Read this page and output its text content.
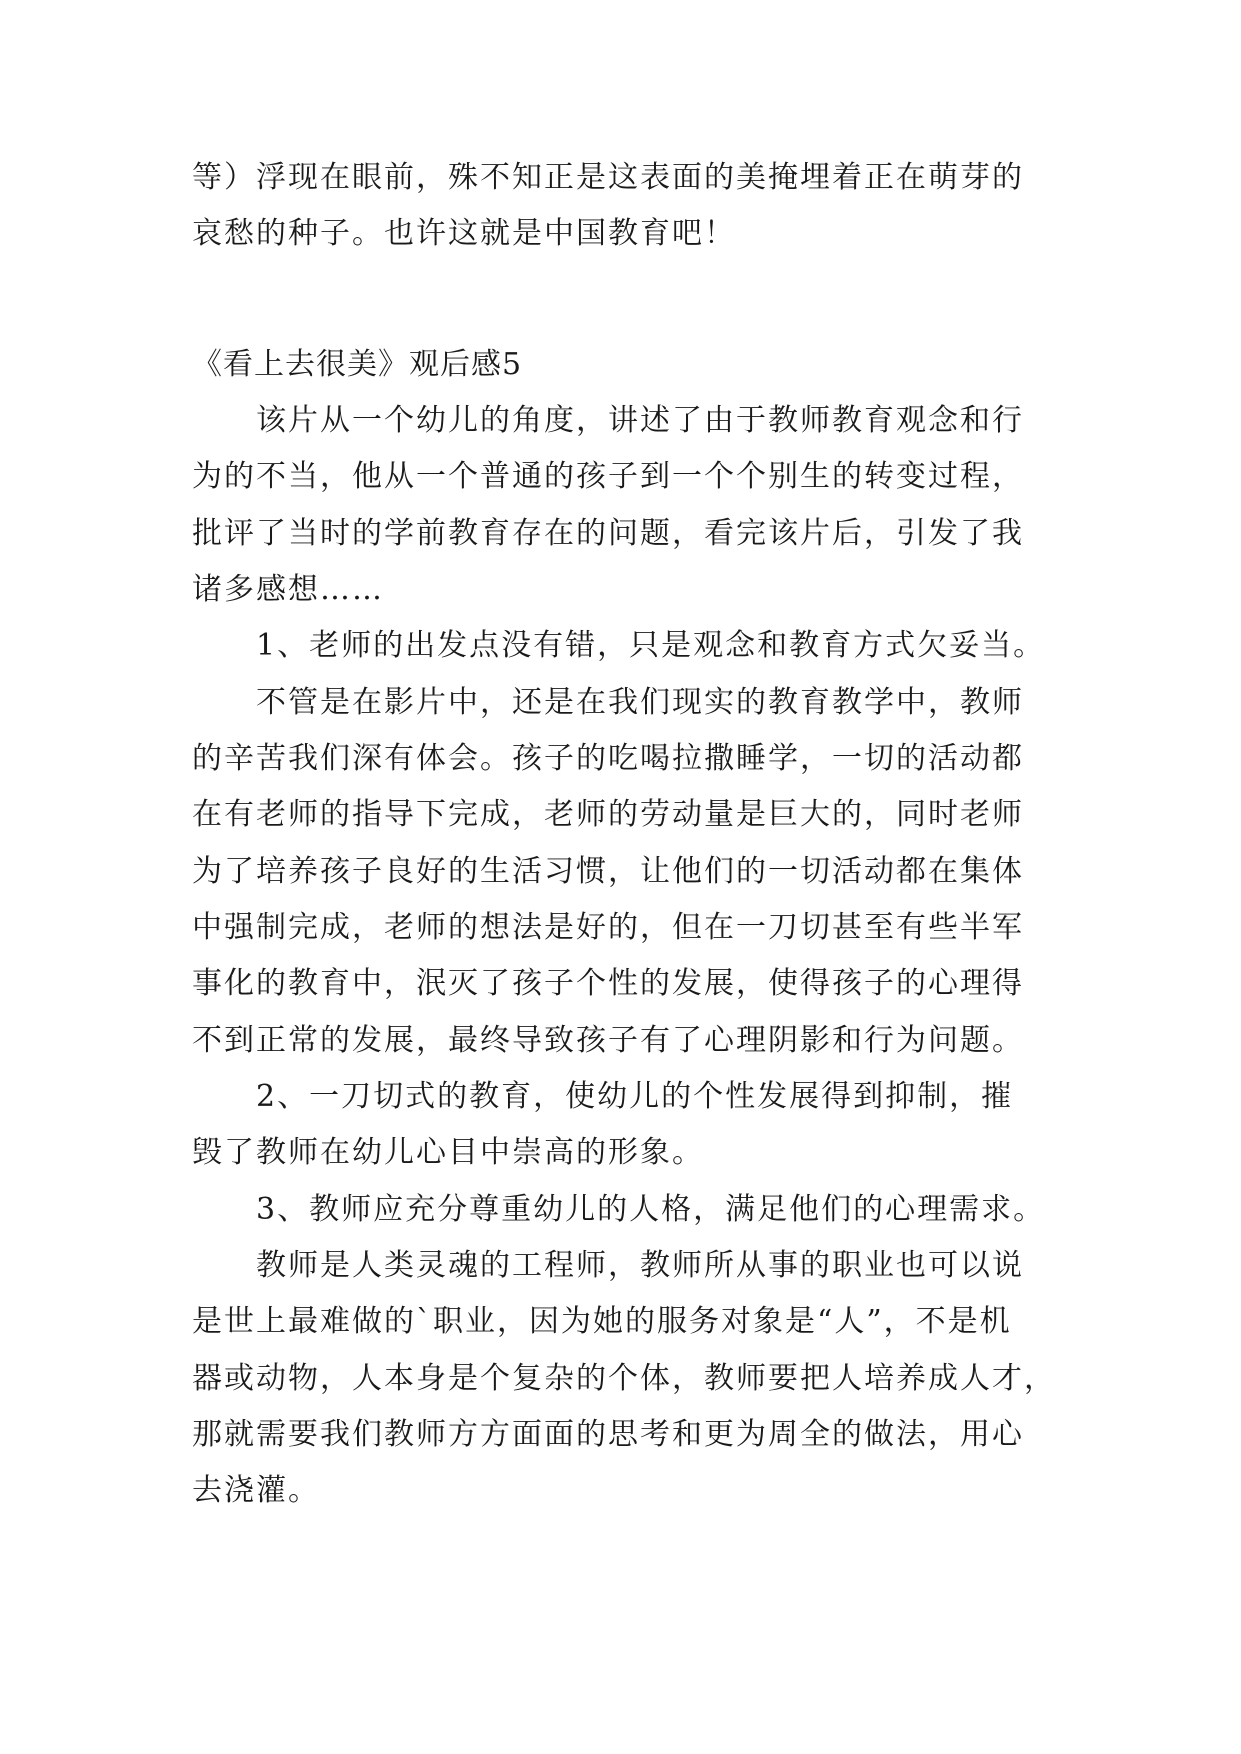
等）浮现在眼前，殊不知正是这表面的美掩埋着正在萌芽的
哀愁的种子。也许这就是中国教育吧！
《看上去很美》观后感5
该片从一个幼儿的角度，讲述了由于教师教育观念和行
为的不当，他从一个普通的孩子到一个个别生的转变过程，
批评了当时的学前教育存在的问题，看完该片后，引发了我
诸多感想……
1、老师的出发点没有错，只是观念和教育方式欠妥当。
不管是在影片中，还是在我们现实的教育教学中，教师
的辛苦我们深有体会。孩子的吃喝拉撒睡学，一切的活动都
在有老师的指导下完成，老师的劳动量是巨大的，同时老师
为了培养孩子良好的生活习惯，让他们的一切活动都在集体
中强制完成，老师的想法是好的，但在一刀切甚至有些半军
事化的教育中，泯灭了孩子个性的发展，使得孩子的心理得
不到正常的发展，最终导致孩子有了心理阴影和行为问题。
2、一刀切式的教育，使幼儿的个性发展得到抑制，摧
毁了教师在幼儿心目中崇高的形象。
3、教师应充分尊重幼儿的人格，满足他们的心理需求。
教师是人类灵魂的工程师，教师所从事的职业也可以说
是世上最难做的`职业，因为她的服务对象是“人”，不是机
器或动物，人本身是个复杂的个体，教师要把人培养成人才，
那就需要我们教师方方面面的思考和更为周全的做法，用心
去浇灌。
